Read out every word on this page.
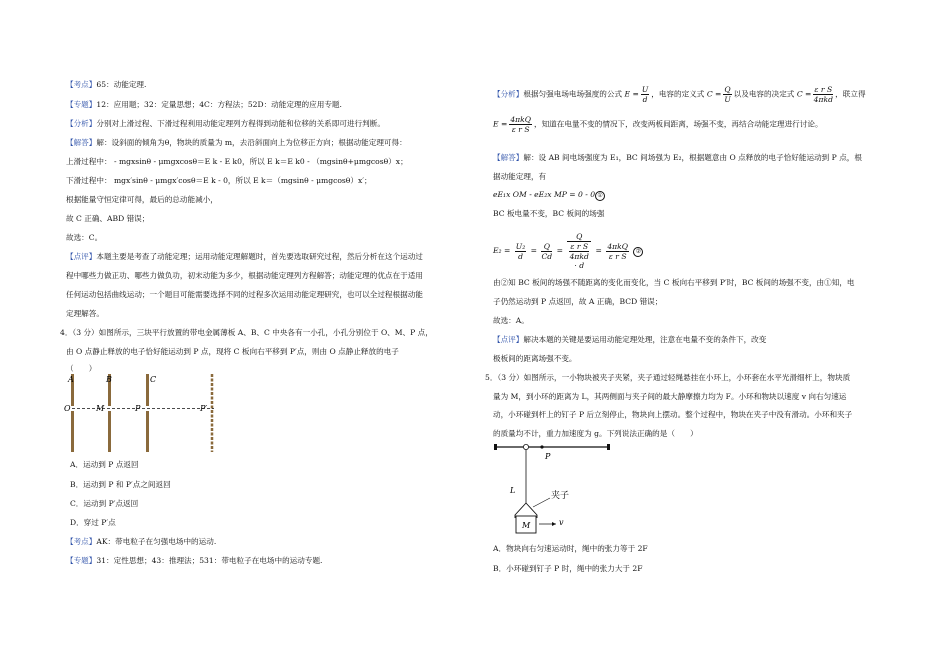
【考点】65：动能定理.
【专题】12：应用题；32：定量思想；4C：方程法；52D：动能定理的应用专题.
【分析】分别对上滑过程、下滑过程利用动能定理列方程得到动能和位移的关系即可进行判断。
【解答】解：设斜面的倾角为θ，物块的质量为 m，去沿斜面向上为位移正方向；根据动能定理可得：
上滑过程中： - mgxsinθ - μmgxcosθ＝E k - E k0，所以 E k＝E k0 - （mgsinθ+μmgcosθ）x；
下滑过程中： mgx′sinθ - μmgx′cosθ＝E k - 0，所以 E k＝（mgsinθ - μmgcosθ）x′；
根据能量守恒定律可得，最后的总动能减小，
故 C 正确、ABD 错误；
故选：C。
【点评】本题主要是考查了动能定理；运用动能定理解题时，首先要选取研究过程，然后分析在这个运动过
程中哪些力做正功、哪些力做负功，初末动能为多少，根据动能定理列方程解答；动能定理的优点在于适用
任何运动包括曲线运动；一个题目可能需要选择不同的过程多次运用动能定理研究，也可以全过程根据动能
定理解答。
4．（3 分）如图所示，三块平行放置的带电金属薄板 A、B、C 中央各有一小孔，小孔分别位于 O、M、P 点，
由 O 点静止释放的电子恰好能运动到 P 点，现将 C 板向右平移到 P′点，则由 O 点静止释放的电子
（　　）
A	B	C
O	M	P	P′
A．运动到 P 点返回
B．运动到 P 和 P′点之间返回
C．运动到 P′点返回
D．穿过 P′点
【考点】AK：带电粒子在匀强电场中的运动.
【专题】31：定性思想；43：推理法；531：带电粒子在电场中的运动专题.
【分析】根据匀强电场电场强度的公式 $E = \frac{U}{d}$ ，电容的定义式 $C = \frac{Q}{U}$ 以及电容的决定式 $C = \frac{\text{ε r S}}{\text{4πkd}}$ ，联立得
$E = \frac{\text{4πkQ}}{\text{ε r S}}$ ，知道在电量不变的情况下，改变两板间距离，场强不变，再结合动能定理进行讨论。
【解答】解：设 AB 间电场强度为 E₁，BC 间场强为 E₂，根据题意由 O 点释放的电子恰好能运动到 P 点，根
据动能定理，有
eE₁x OM - eE₂x MP = 0 - 0 ①
BC 板电量不变，BC 板间的场强
$E_2 = \frac{\text{U₂}}{d} = \frac{Q}{Cd} = Q$
ε r S
4πkd
· $d = \frac{\text{4πkQ}}{\text{ε r S}}$ ②
由②知 BC 板间的场强不随距离的变化而变化，当 C 板向右平移到 P′时，BC 板间的场强不变，由①知，电
子仍然运动到 P 点返回，故 A 正确，BCD 错误；
故选：A。
【点评】解决本题的关键是要运用动能定理处理，注意在电量不变的条件下，改变
极板间的距离场强不变。
5．（3 分）如图所示，一小物块被夹子夹紧，夹子通过轻绳悬挂在小环上，小环套在水平光滑细杆上，物块质
量为 M，到小环的距离为 L，其两侧面与夹子间的最大静摩擦力均为 F。小环和物块以速度 v 向右匀速运
动，小环碰到杆上的钉子 P 后立刻停止，物块向上摆动。整个过程中，物块在夹子中没有滑动。小环和夹子
的质量均不计，重力加速度为 g。下列说法正确的是（　　）
P
L
夹子
M	v
A．物块向右匀速运动时，绳中的张力等于 2F
B．小环碰到钉子 P 时，绳中的张力大于 2F
